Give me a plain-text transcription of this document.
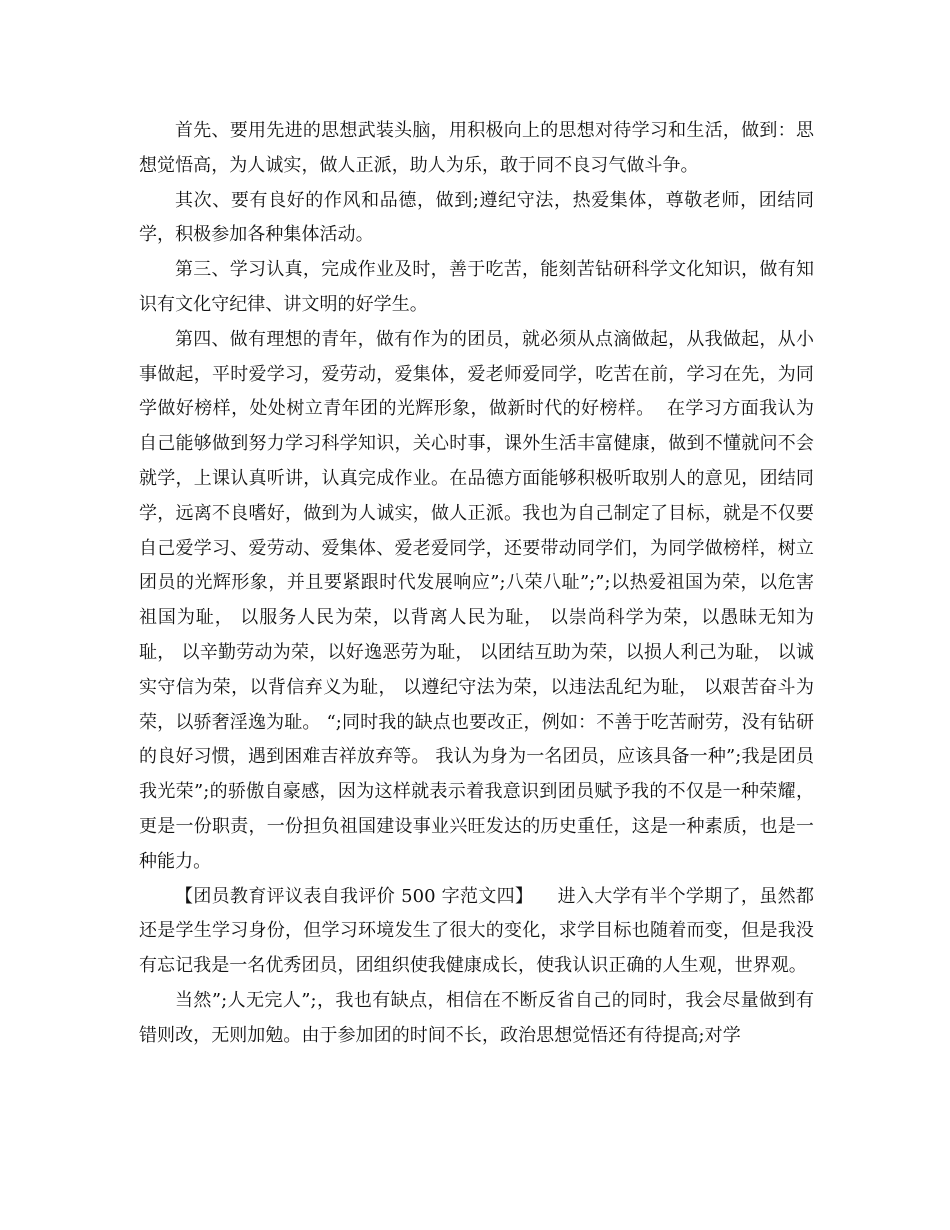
首先、要用先进的思想武装头脑，用积极向上的思想对待学习和生活，做到：思想觉悟高，为人诚实，做人正派，助人为乐，敢于同不良习气做斗争。

其次、要有良好的作风和品德，做到;遵纪守法，热爱集体，尊敬老师，团结同学，积极参加各种集体活动。

第三、学习认真，完成作业及时，善于吃苦，能刻苦钻研科学文化知识，做有知识有文化守纪律、讲文明的好学生。

第四、做有理想的青年，做有作为的团员，就必须从点滴做起，从我做起，从小事做起，平时爱学习，爱劳动，爱集体，爱老师爱同学，吃苦在前，学习在先，为同学做好榜样，处处树立青年团的光辉形象，做新时代的好榜样。  在学习方面我认为自己能够做到努力学习科学知识，关心时事，课外生活丰富健康，做到不懂就问不会就学，上课认真听讲，认真完成作业。在品德方面能够积极听取别人的意见，团结同学，远离不良嗜好，做到为人诚实，做人正派。我也为自己制定了目标，就是不仅要自己爱学习、爱劳动、爱集体、爱老爱同学，还要带动同学们，为同学做榜样，树立团员的光辉形象，并且要紧跟时代发展响应”;八荣八耻”;”;以热爱祖国为荣，以危害祖国为耻， 以服务人民为荣，以背离人民为耻， 以崇尚科学为荣，以愚昧无知为耻， 以辛勤劳动为荣，以好逸恶劳为耻， 以团结互助为荣，以损人利己为耻， 以诚实守信为荣，以背信弃义为耻， 以遵纪守法为荣，以违法乱纪为耻， 以艰苦奋斗为荣，以骄奢淫逸为耻。 “;同时我的缺点也要改正，例如：不善于吃苦耐劳，没有钻研的良好习惯，遇到困难吉祥放弃等。 我认为身为一名团员，应该具备一种”;我是团员我光荣”;的骄傲自豪感，因为这样就表示着我意识到团员赋予我的不仅是一种荣耀，更是一份职责，一份担负祖国建设事业兴旺发达的历史重任，这是一种素质，也是一种能力。

【团员教育评议表自我评价 500 字范文四】    进入大学有半个学期了，虽然都还是学生学习身份，但学习环境发生了很大的变化，求学目标也随着而变，但是我没有忘记我是一名优秀团员，团组织使我健康成长，使我认识正确的人生观，世界观。

当然”;人无完人”;，我也有缺点，相信在不断反省自己的同时，我会尽量做到有错则改，无则加勉。由于参加团的时间不长，政治思想觉悟还有待提高;对学
